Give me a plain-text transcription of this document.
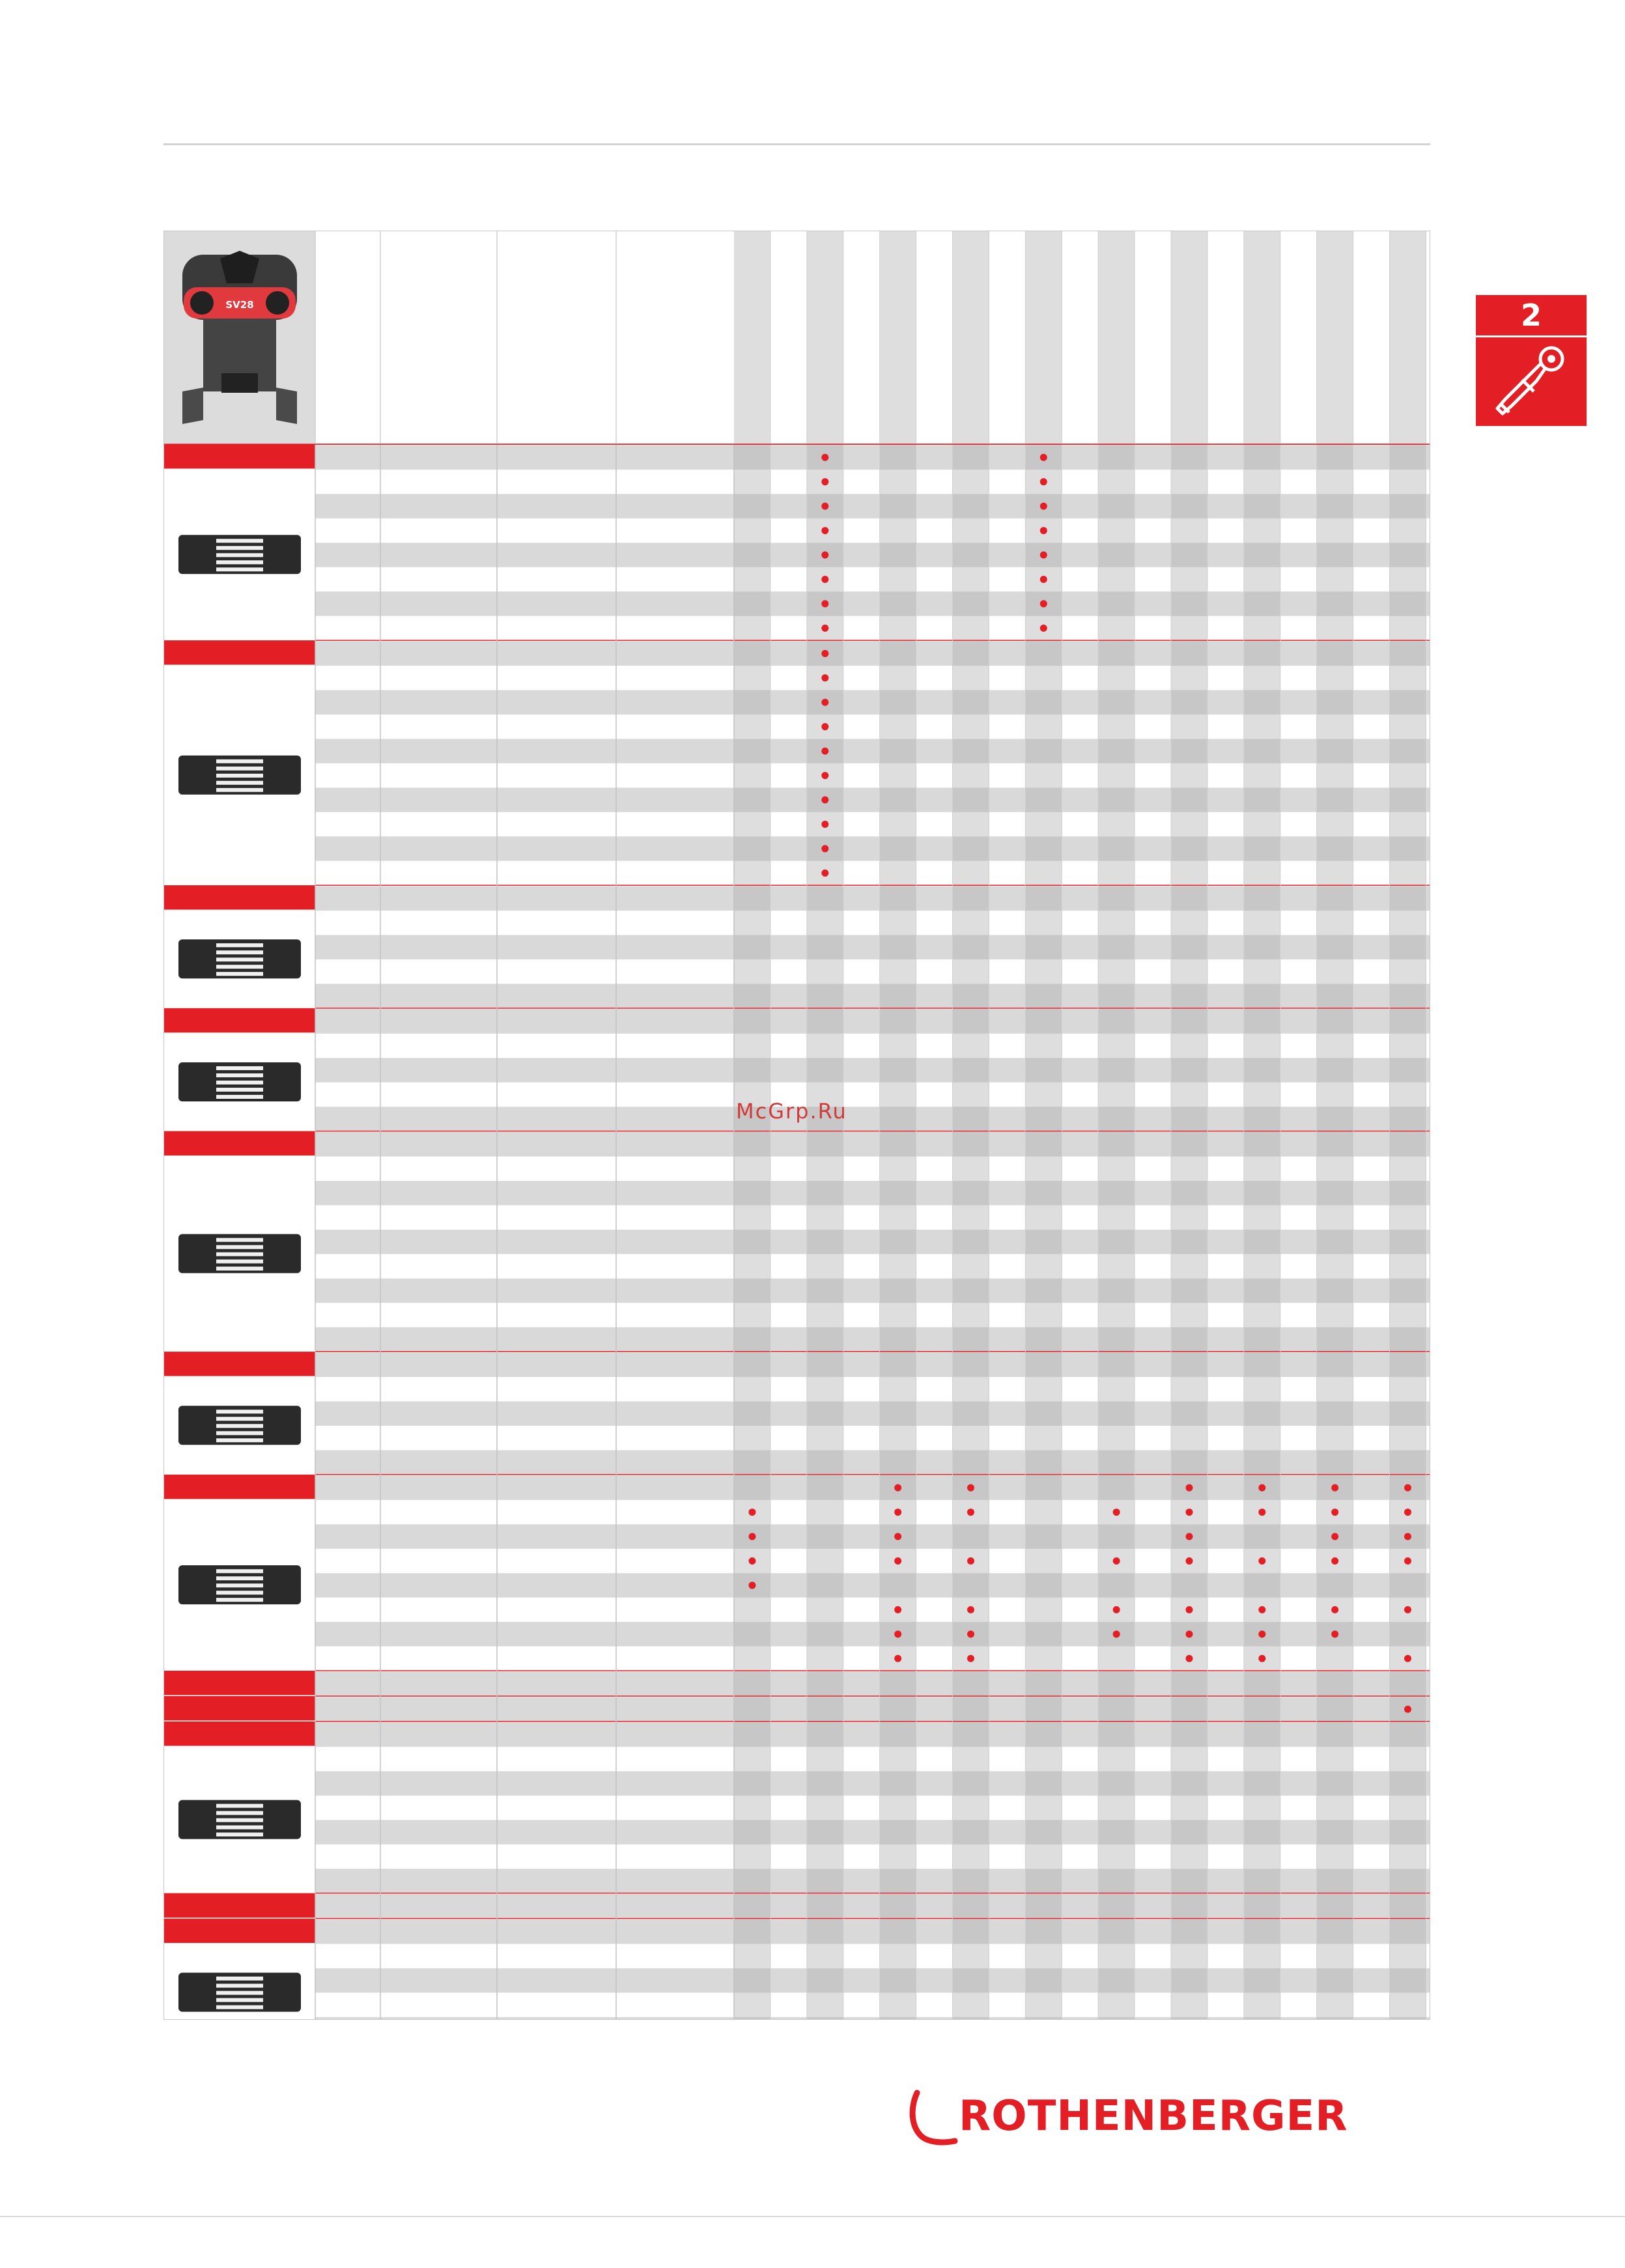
2
SV28
McGrp.Ru
ROTHENBERGER
